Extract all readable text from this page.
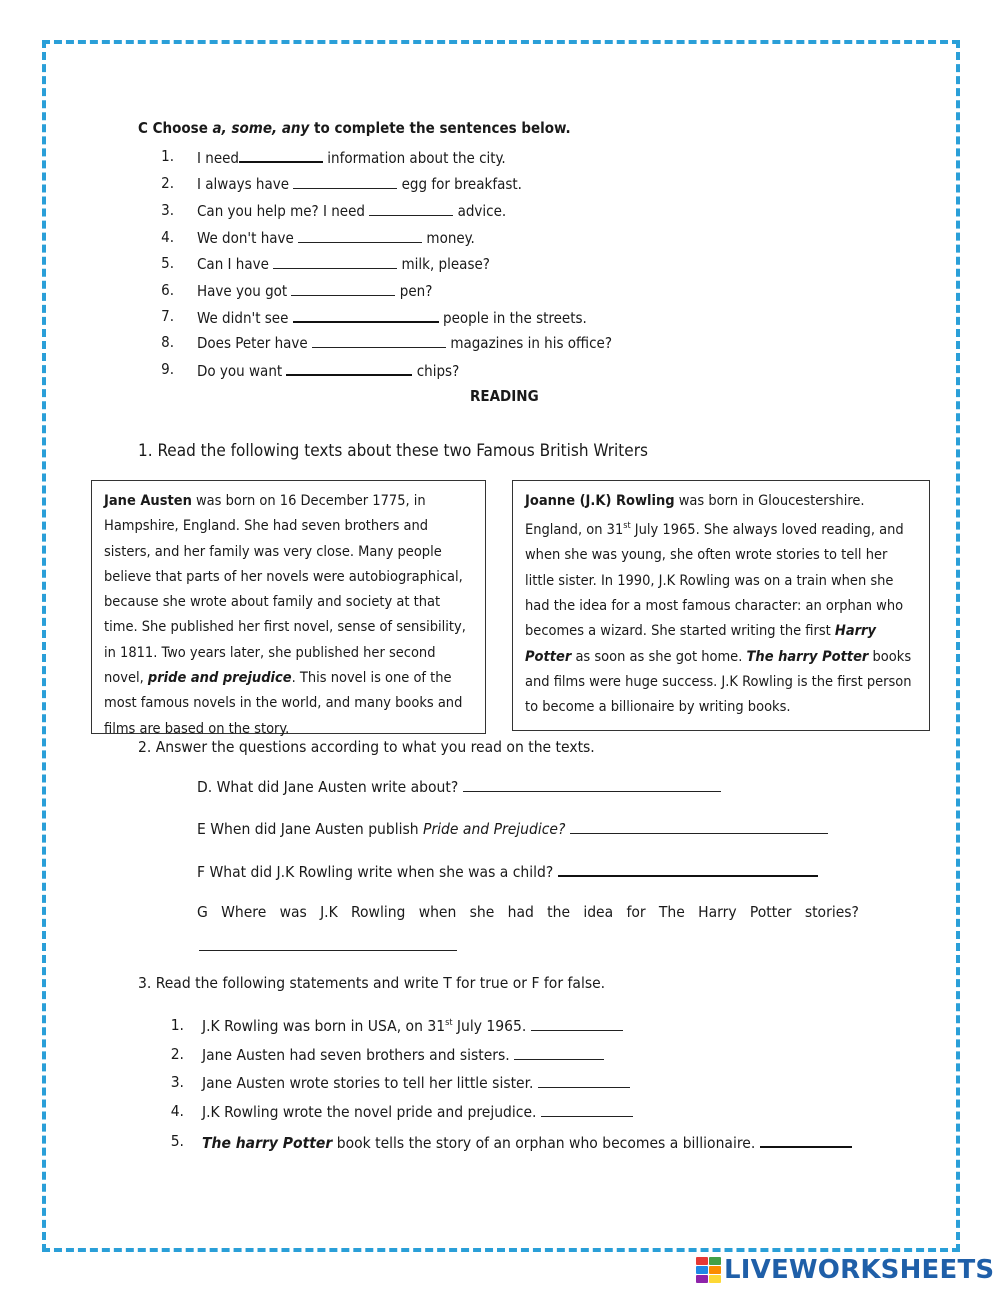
C Choose a, some, any to complete the sentences below.
1. I need	information about the city.
2. I always have	egg for breakfast.
3. Can you help me? I need	advice.
4. We don't have	money.
5. Can I have	milk, please?
6. Have you got	pen?
7. We didn't see	people in the streets.
8. Does Peter have	magazines in his office?
9. Do you want	chips?
READING
1. Read the following texts about these two Famous British Writers

Jane Austen was born on 16 December 1775, in Hampshire, England. She had seven brothers and sisters, and her family was very close. Many people believe that parts of her novels were autobiographical, because she wrote about family and society at that time. She published her first novel, sense of sensibility, in 1811. Two years later, she published her second novel, pride and prejudice. This novel is one of the most famous novels in the world, and many books and films are based on the story.

Joanne (J.K) Rowling was born in Gloucestershire. England, on 31st July 1965. She always loved reading, and when she was young, she often wrote stories to tell her little sister. In 1990, J.K Rowling was on a train when she had the idea for a most famous character: an orphan who becomes a wizard. She started writing the first Harry Potter as soon as she got home. The harry Potter books and films were huge success. J.K Rowling is the first person to become a billionaire by writing books.

2. Answer the questions according to what you read on the texts.
D. What did Jane Austen write about?
E When did Jane Austen publish Pride and Prejudice?
F What did J.K Rowling write when she was a child?
G Where was J.K Rowling when she had the idea for The Harry Potter stories?
3. Read the following statements and write T for true or F for false.
1. J.K Rowling was born in USA, on 31st July 1965.
2. Jane Austen had seven brothers and sisters.
3. Jane Austen wrote stories to tell her little sister.
4. J.K Rowling wrote the novel pride and prejudice.
5. The harry Potter book tells the story of an orphan who becomes a billionaire.
LIVEWORKSHEETS
